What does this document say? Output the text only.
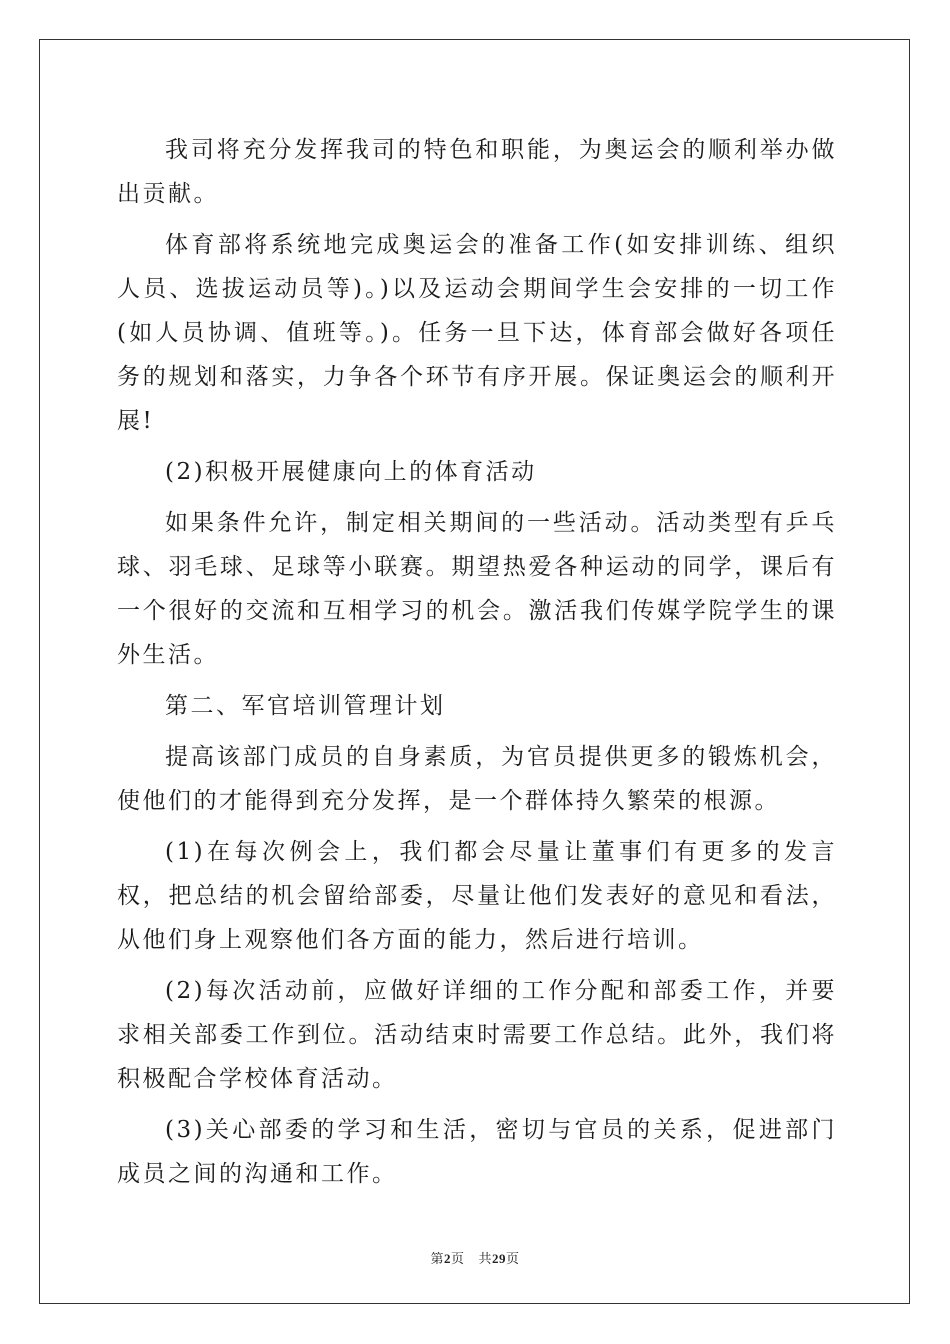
我司将充分发挥我司的特色和职能，为奥运会的顺利举办做出贡献。

体育部将系统地完成奥运会的准备工作(如安排训练、组织人员、选拔运动员等)。)以及运动会期间学生会安排的一切工作(如人员协调、值班等。)。任务一旦下达，体育部会做好各项任务的规划和落实，力争各个环节有序开展。保证奥运会的顺利开展!

(2)积极开展健康向上的体育活动

如果条件允许，制定相关期间的一些活动。活动类型有乒乓球、羽毛球、足球等小联赛。期望热爱各种运动的同学，课后有一个很好的交流和互相学习的机会。激活我们传媒学院学生的课外生活。

第二、军官培训管理计划

提高该部门成员的自身素质，为官员提供更多的锻炼机会，使他们的才能得到充分发挥，是一个群体持久繁荣的根源。

(1)在每次例会上，我们都会尽量让董事们有更多的发言权，把总结的机会留给部委，尽量让他们发表好的意见和看法，从他们身上观察他们各方面的能力，然后进行培训。

(2)每次活动前，应做好详细的工作分配和部委工作，并要求相关部委工作到位。活动结束时需要工作总结。此外，我们将积极配合学校体育活动。

(3)关心部委的学习和生活，密切与官员的关系，促进部门成员之间的沟通和工作。

第2页 共29页
